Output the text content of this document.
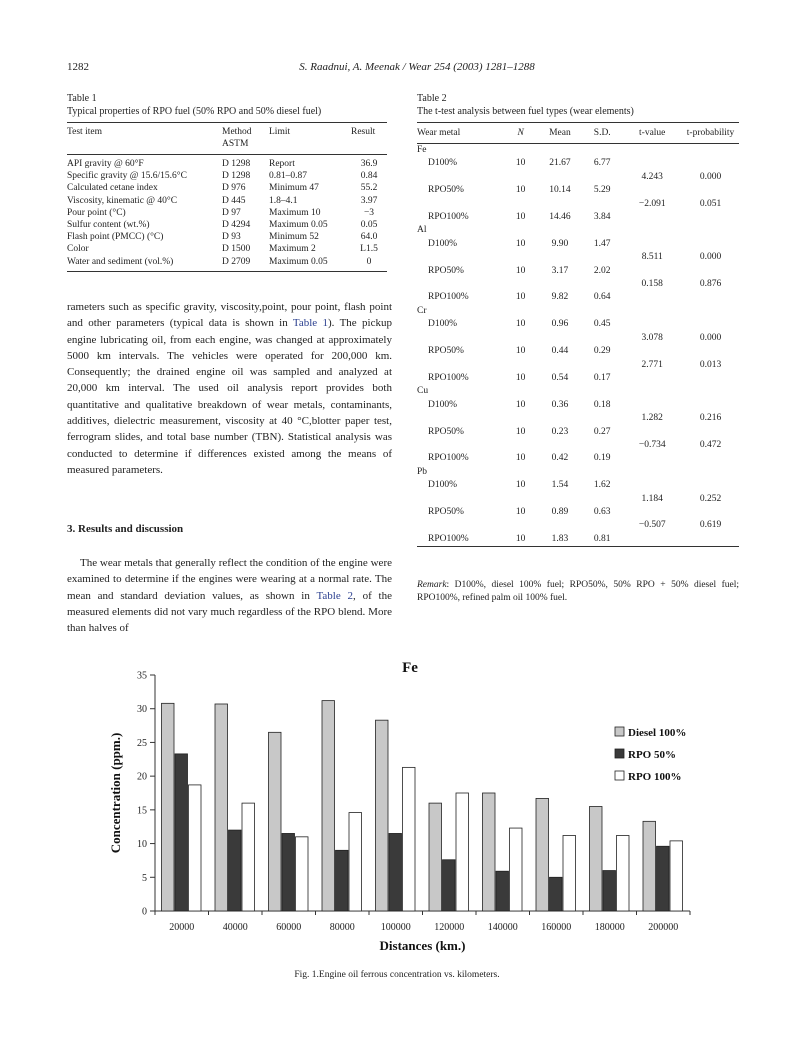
1282	S. Raadnui, A. Meenak / Wear 254 (2003) 1281–1288
Table 1
Typical properties of RPO fuel (50% RPO and 50% diesel fuel)
Test item	Method ASTM	Limit	Result
API gravity @ 60°F	D 1298	Report	36.9
Specific gravity @ 15.6/15.6°C	D 1298	0.81–0.87	0.84
Calculated cetane index	D 976	Minimum 47	55.2
Viscosity, kinematic @ 40°C	D 445	1.8–4.1	3.97
Pour point (°C)	D 97	Maximum 10	−3
Sulfur content (wt.%)	D 4294	Maximum 0.05	0.05
Flash point (PMCC) (°C)	D 93	Minimum 52	64.0
Color	D 1500	Maximum 2	L1.5
Water and sediment (vol.%)	D 2709	Maximum 0.05	0
Table 2
The t-test analysis between fuel types (wear elements)
Wear metal	N	Mean	S.D.	t-value	t-probability
Fe					
D100%	10	21.67	6.77		
				4.243	0.000
RPO50%	10	10.14	5.29		
				−2.091	0.051
RPO100%	10	14.46	3.84		
Al					
D100%	10	9.90	1.47		
				8.511	0.000
RPO50%	10	3.17	2.02		
				0.158	0.876
RPO100%	10	9.82	0.64		
Cr					
D100%	10	0.96	0.45		
				3.078	0.000
RPO50%	10	0.44	0.29		
				2.771	0.013
RPO100%	10	0.54	0.17		
Cu					
D100%	10	0.36	0.18		
				1.282	0.216
RPO50%	10	0.23	0.27		
				−0.734	0.472
RPO100%	10	0.42	0.19		
Pb					
D100%	10	1.54	1.62		
				1.184	0.252
RPO50%	10	0.89	0.63		
				−0.507	0.619
RPO100%	10	1.83	0.81		
Remark: D100%, diesel 100% fuel; RPO50%, 50% RPO + 50% diesel fuel; RPO100%, refined palm oil 100% fuel.
rameters such as specific gravity, viscosity,point, pour point, flash point and other parameters (typical data is shown in Table 1). The pickup engine lubricating oil, from each engine, was changed at approximately 5000 km intervals. The vehicles were operated for 200,000 km. Consequently; the drained engine oil was sampled and analyzed at 20,000 km interval. The used oil analysis report provides both quantitative and qualitative breakdown of wear metals, contaminants, additives, dielectric measurement, viscosity at 40 °C,blotter paper test, ferrogram slides, and total base number (TBN). Statistical analysis was conducted to determine if differences existed among the means of measured parameters.
3. Results and discussion
The wear metals that generally reflect the condition of the engine were examined to determine if the engines were wearing at a normal rate. The mean and standard deviation values, as shown in Table 2, of the measured elements did not vary much regardless of the RPO blend. More than halves of
Fe
0
5
10
15
20
25
30
35
Concentration (ppm.)
20000	40000	60000	80000	100000 120000 140000 160000 180000 200000
Distances (km.)
Diesel 100%
RPO 50%
RPO 100%
Fig. 1.Engine oil ferrous concentration vs. kilometers.
